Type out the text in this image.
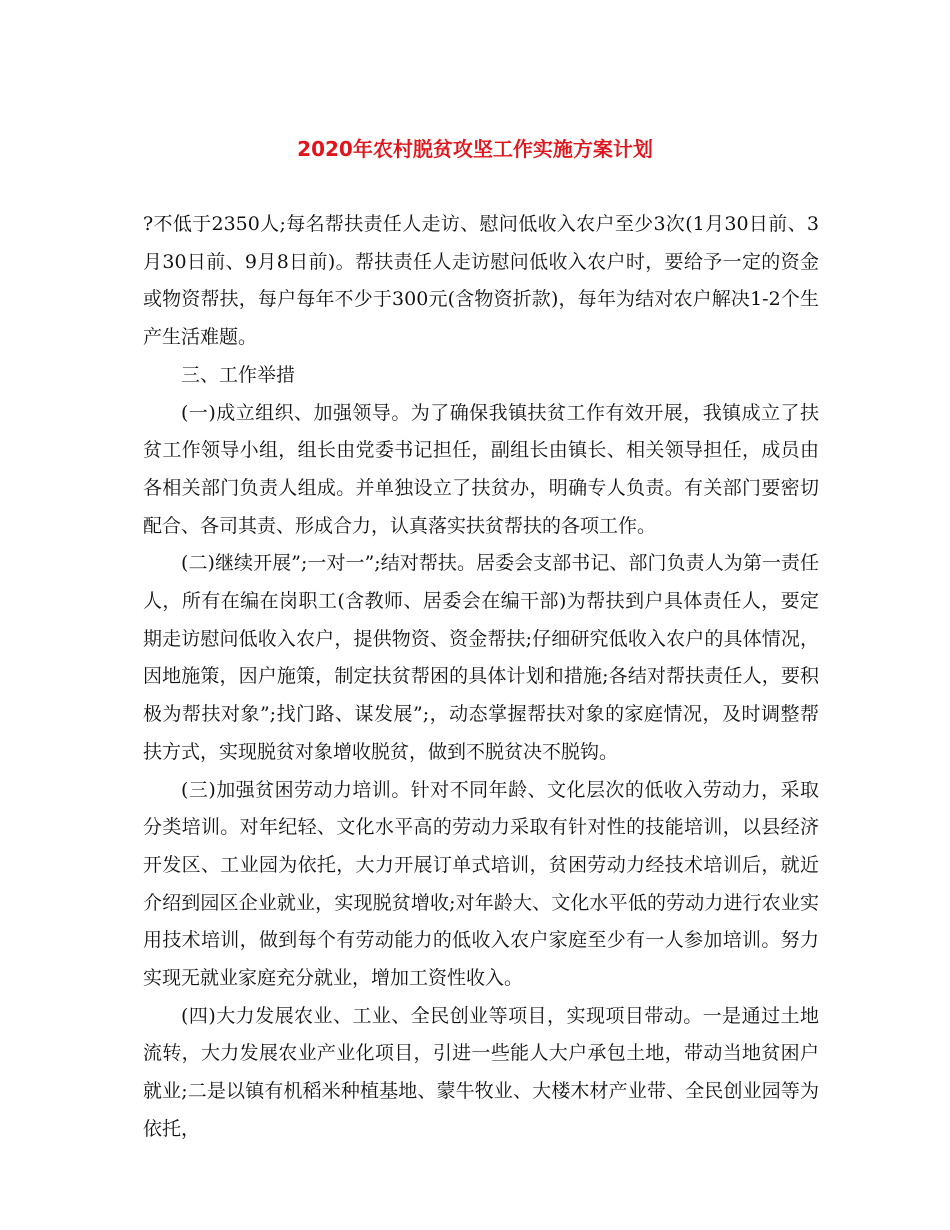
2020年农村脱贫攻坚工作实施方案计划

?不低于2350人;每名帮扶责任人走访、慰问低收入农户至少3次(1月30日前、3月30日前、9月8日前)。帮扶责任人走访慰问低收入农户时，要给予一定的资金或物资帮扶，每户每年不少于300元(含物资折款)，每年为结对农户解决1-2个生产生活难题。

三、工作举措

(一)成立组织、加强领导。为了确保我镇扶贫工作有效开展，我镇成立了扶贫工作领导小组，组长由党委书记担任，副组长由镇长、相关领导担任，成员由各相关部门负责人组成。并单独设立了扶贫办，明确专人负责。有关部门要密切配合、各司其责、形成合力，认真落实扶贫帮扶的各项工作。

(二)继续开展”;一对一”;结对帮扶。居委会支部书记、部门负责人为第一责任人，所有在编在岗职工(含教师、居委会在编干部)为帮扶到户具体责任人，要定期走访慰问低收入农户，提供物资、资金帮扶;仔细研究低收入农户的具体情况，因地施策，因户施策，制定扶贫帮困的具体计划和措施;各结对帮扶责任人，要积极为帮扶对象”;找门路、谋发展”;，动态掌握帮扶对象的家庭情况，及时调整帮扶方式，实现脱贫对象增收脱贫，做到不脱贫决不脱钩。

(三)加强贫困劳动力培训。针对不同年龄、文化层次的低收入劳动力，采取分类培训。对年纪轻、文化水平高的劳动力采取有针对性的技能培训，以县经济开发区、工业园为依托，大力开展订单式培训，贫困劳动力经技术培训后，就近介绍到园区企业就业，实现脱贫增收;对年龄大、文化水平低的劳动力进行农业实用技术培训，做到每个有劳动能力的低收入农户家庭至少有一人参加培训。努力实现无就业家庭充分就业，增加工资性收入。

(四)大力发展农业、工业、全民创业等项目，实现项目带动。一是通过土地流转，大力发展农业产业化项目，引进一些能人大户承包土地，带动当地贫困户就业;二是以镇有机稻米种植基地、蒙牛牧业、大楼木材产业带、全民创业园等为依托，
